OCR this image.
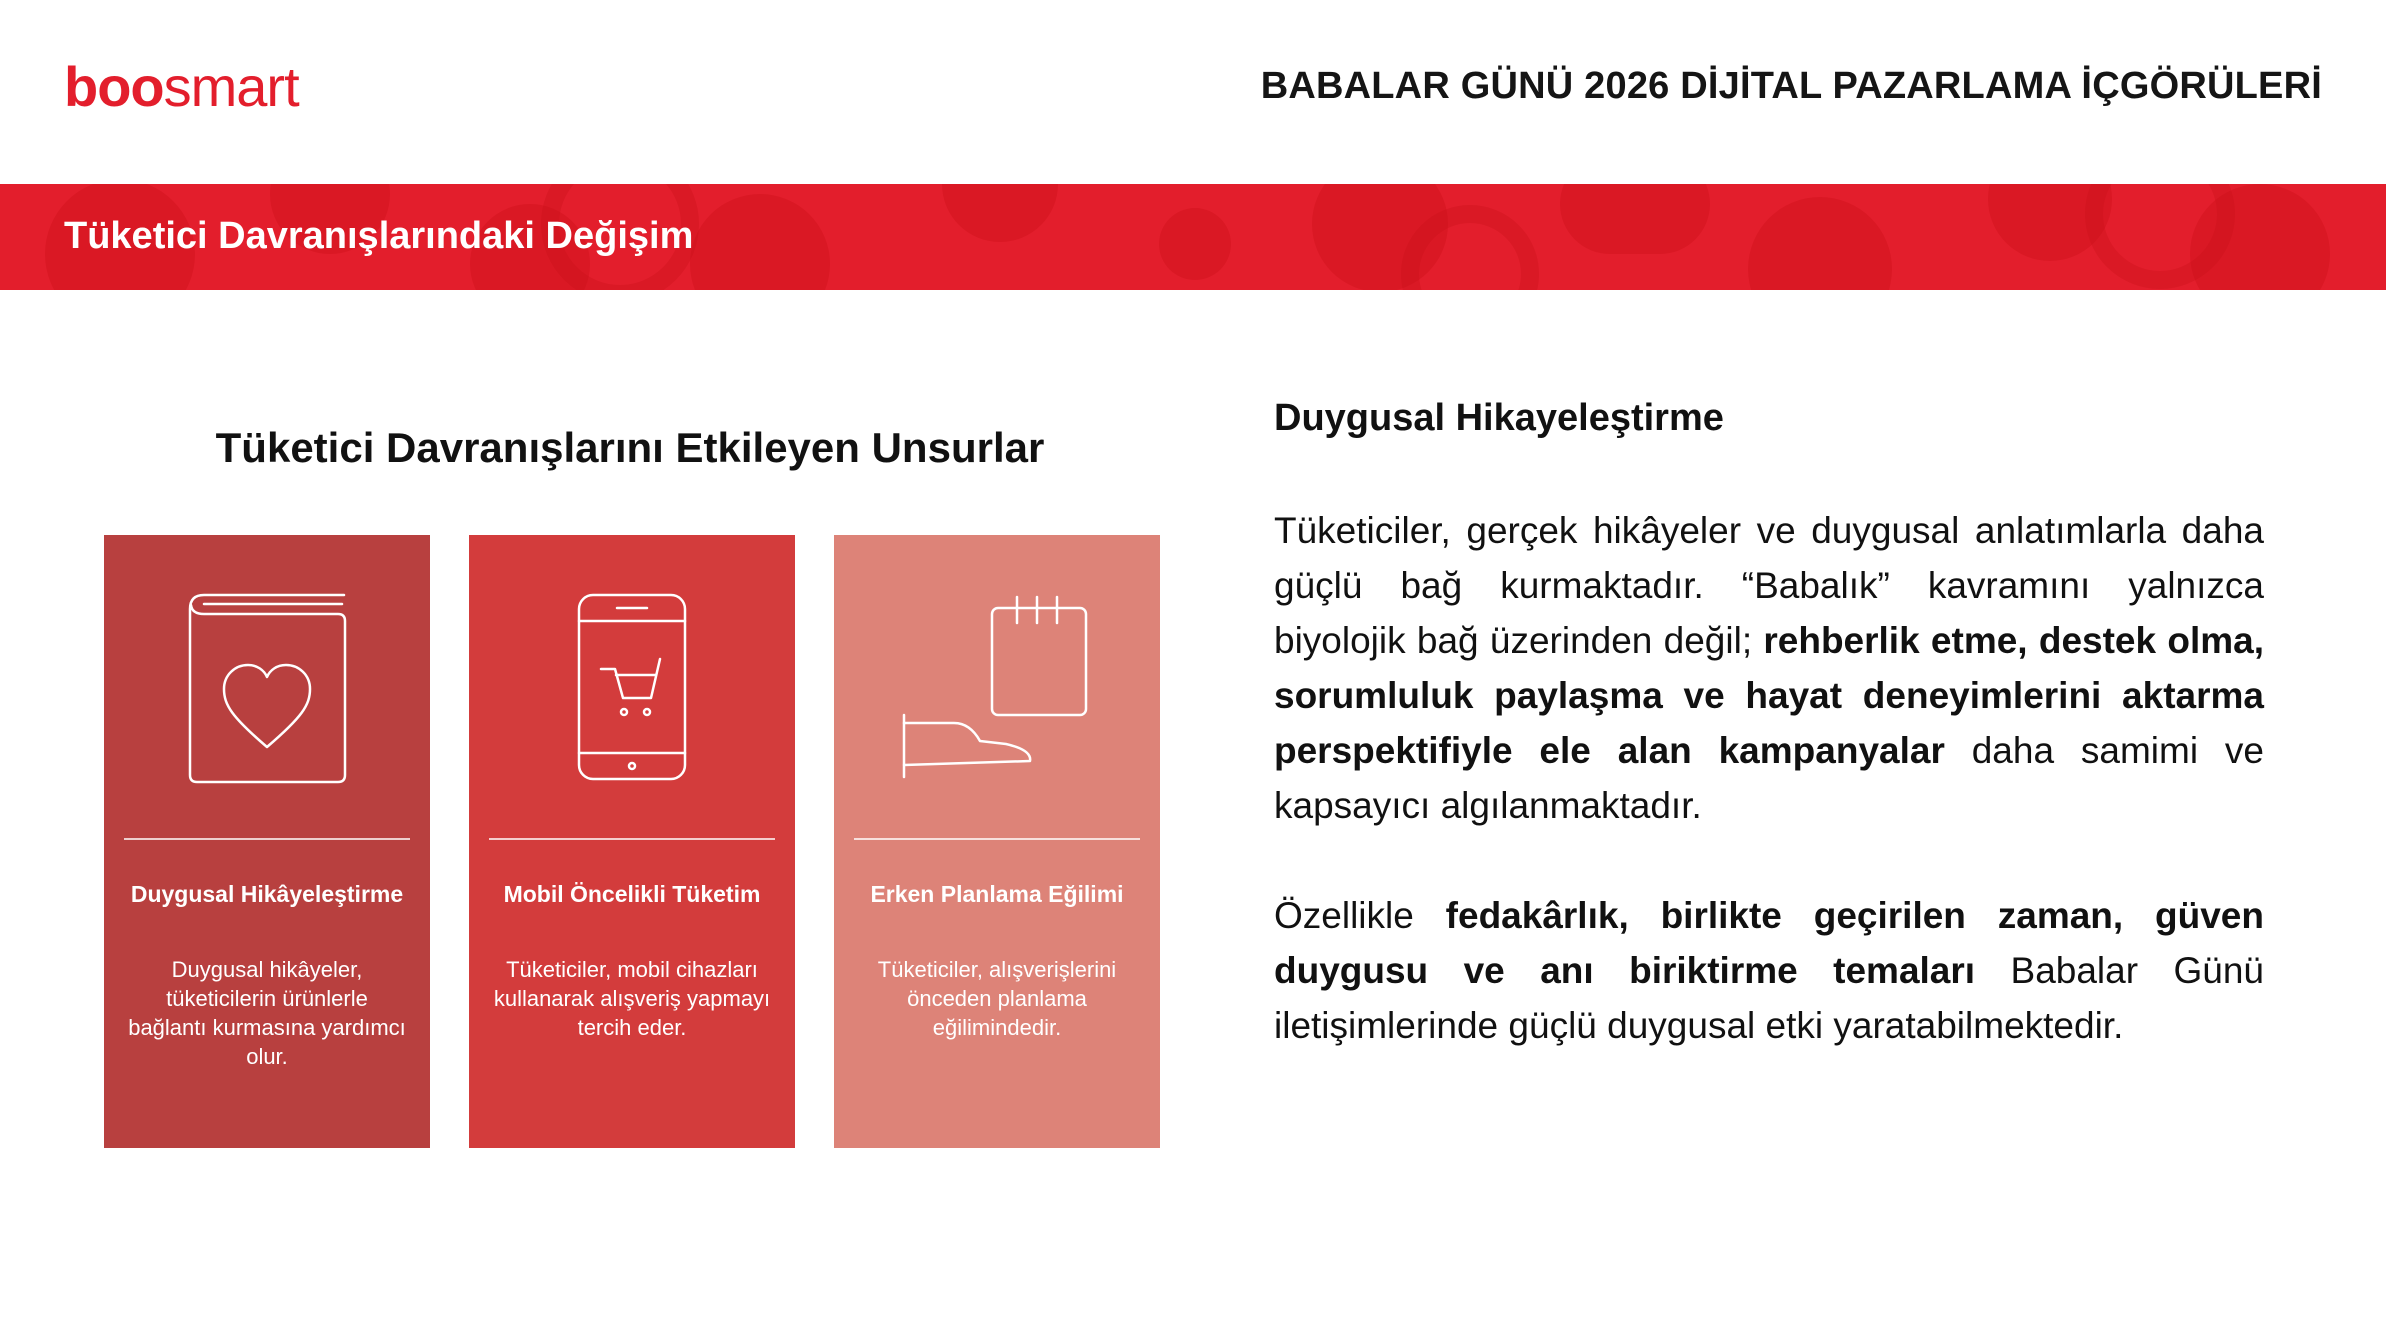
boosmart	BABALAR GÜNÜ 2026 DİJİTAL PAZARLAMA İÇGÖRÜLERİ
Tüketici Davranışlarındaki Değişim
Tüketici Davranışlarını Etkileyen Unsurlar

Duygusal Hikâyeleştirme

Duygusal hikâyeler, tüketicilerin ürünlerle bağlantı kurmasına yardımcı olur.

Mobil Öncelikli Tüketim

Tüketiciler, mobil cihazları kullanarak alışveriş yapmayı tercih eder.

Erken Planlama Eğilimi

Tüketiciler, alışverişlerini önceden planlama eğilimindedir.

Duygusal Hikayeleştirme

Tüketiciler, gerçek hikâyeler ve duygusal anlatımlarla daha güçlü bağ kurmaktadır. “Babalık” kavramını yalnızca biyolojik bağ üzerinden değil; rehberlik etme, destek olma, sorumluluk paylaşma ve hayat deneyimlerini aktarma perspektifiyle ele alan kampanyalar daha samimi ve kapsayıcı algılanmaktadır.

Özellikle fedakârlık, birlikte geçirilen zaman, güven duygusu ve anı biriktirme temaları Babalar Günü iletişimlerinde güçlü duygusal etki yaratabilmektedir.
